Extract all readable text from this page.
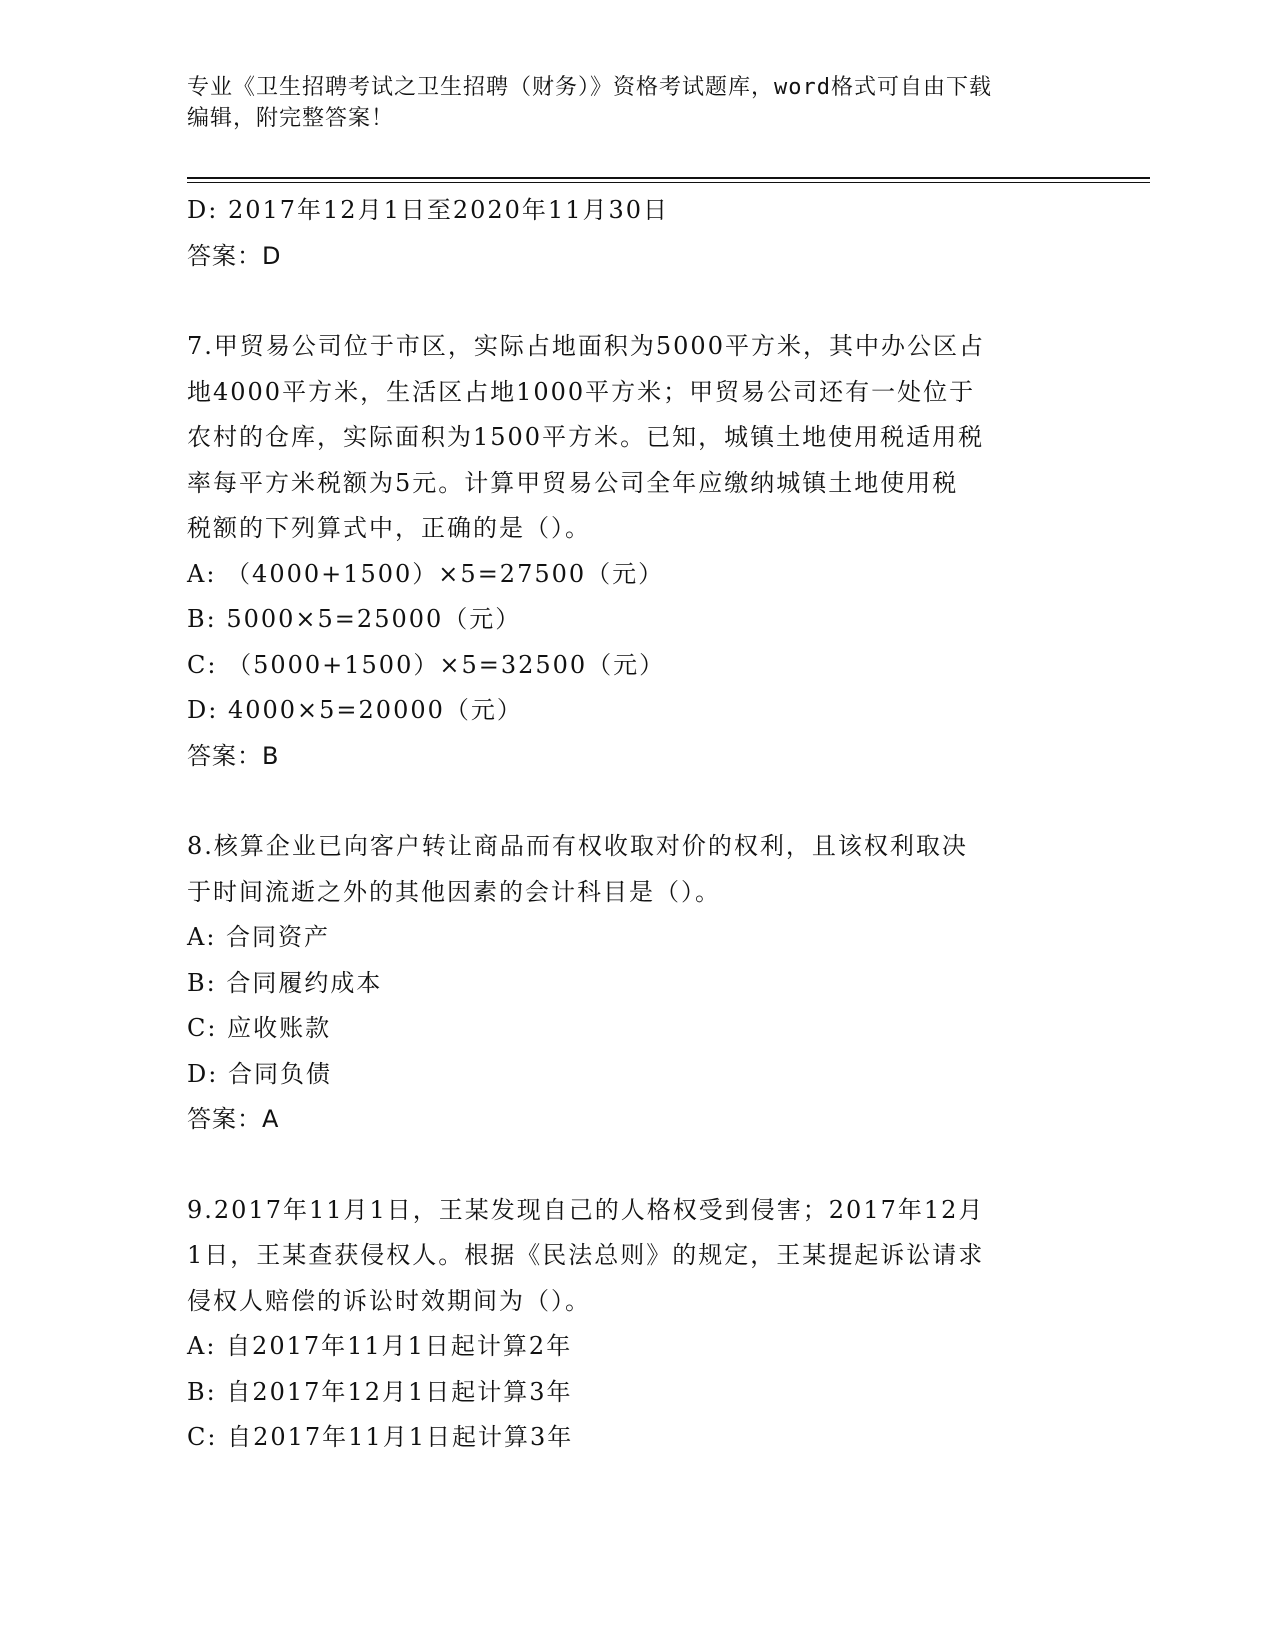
专业《卫生招聘考试之卫生招聘（财务）》资格考试题库，word格式可自由下载
编辑，附完整答案！

D: 2017年12月1日至2020年11月30日

答案：D

7.甲贸易公司位于市区，实际占地面积为5000平方米，其中办公区占

地4000平方米，生活区占地1000平方米；甲贸易公司还有一处位于

农村的仓库，实际面积为1500平方米。已知，城镇土地使用税适用税

率每平方米税额为5元。计算甲贸易公司全年应缴纳城镇土地使用税

税额的下列算式中，正确的是（）。

A: （4000+1500）×5=27500（元）

B: 5000×5=25000（元）

C: （5000+1500）×5=32500（元）

D: 4000×5=20000（元）

答案：B

8.核算企业已向客户转让商品而有权收取对价的权利，且该权利取决

于时间流逝之外的其他因素的会计科目是（）。

A: 合同资产

B: 合同履约成本

C: 应收账款

D: 合同负债

答案：A

9.2017年11月1日，王某发现自己的人格权受到侵害；2017年12月

1日，王某查获侵权人。根据《民法总则》的规定，王某提起诉讼请求

侵权人赔偿的诉讼时效期间为（）。

A: 自2017年11月1日起计算2年

B: 自2017年12月1日起计算3年

C: 自2017年11月1日起计算3年
